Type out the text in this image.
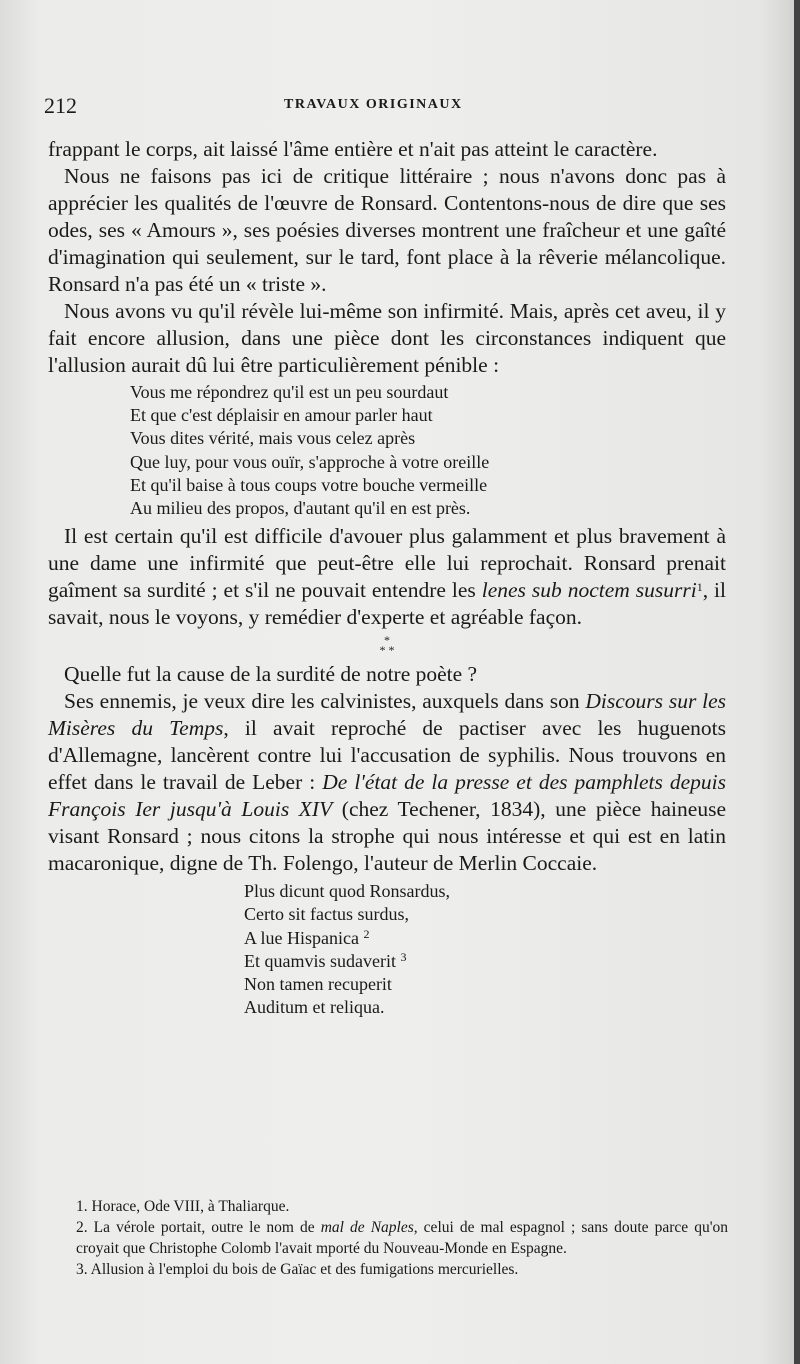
212	TRAVAUX ORIGINAUX

frappant le corps, ait laissé l'âme entière et n'ait pas atteint le caractère.

Nous ne faisons pas ici de critique littéraire ; nous n'avons donc pas à apprécier les qualités de l'œuvre de Ronsard. Contentons-nous de dire que ses odes, ses « Amours », ses poésies diverses montrent une fraîcheur et une gaîté d'imagination qui seulement, sur le tard, font place à la rêverie mélancolique. Ronsard n'a pas été un « triste ».

Nous avons vu qu'il révèle lui-même son infirmité. Mais, après cet aveu, il y fait encore allusion, dans une pièce dont les circonstances indiquent que l'allusion aurait dû lui être particulièrement pénible :

Vous me répondrez qu'il est un peu sourdaut
Et que c'est déplaisir en amour parler haut
Vous dites vérité, mais vous celez après
Que luy, pour vous ouïr, s'approche à votre oreille
Et qu'il baise à tous coups votre bouche vermeille
Au milieu des propos, d'autant qu'il en est près.

Il est certain qu'il est difficile d'avouer plus galamment et plus bravement à une dame une infirmité que peut-être elle lui reprochait. Ronsard prenait gaîment sa surdité ; et s'il ne pouvait entendre les lenes sub noctem susurri$^1$, il savait, nous le voyons, y remédier d'experte et agréable façon.

*
* *

Quelle fut la cause de la surdité de notre poète ?

Ses ennemis, je veux dire les calvinistes, auxquels dans son Discours sur les Misères du Temps, il avait reproché de pactiser avec les huguenots d'Allemagne, lancèrent contre lui l'accusation de syphilis. Nous trouvons en effet dans le travail de Leber : De l'état de la presse et des pamphlets depuis François Ier jusqu'à Louis XIV (chez Techener, 1834), une pièce haineuse visant Ronsard ; nous citons la strophe qui nous intéresse et qui est en latin macaronique, digne de Th. Folengo, l'auteur de Merlin Coccaie.

Plus dicunt quod Ronsardus,
Certo sit factus surdus,
A lue Hispanica $^2$
Et quamvis sudaverit $^3$
Non tamen recuperit
Auditum et reliqua.
1. Horace, Ode VIII, à Thaliarque.
2. La vérole portait, outre le nom de mal de Naples, celui de mal espagnol ; sans doute parce qu'on croyait que Christophe Colomb l'avait mporté du Nouveau-Monde en Espagne.
3. Allusion à l'emploi du bois de Gaïac et des fumigations mercurielles.
